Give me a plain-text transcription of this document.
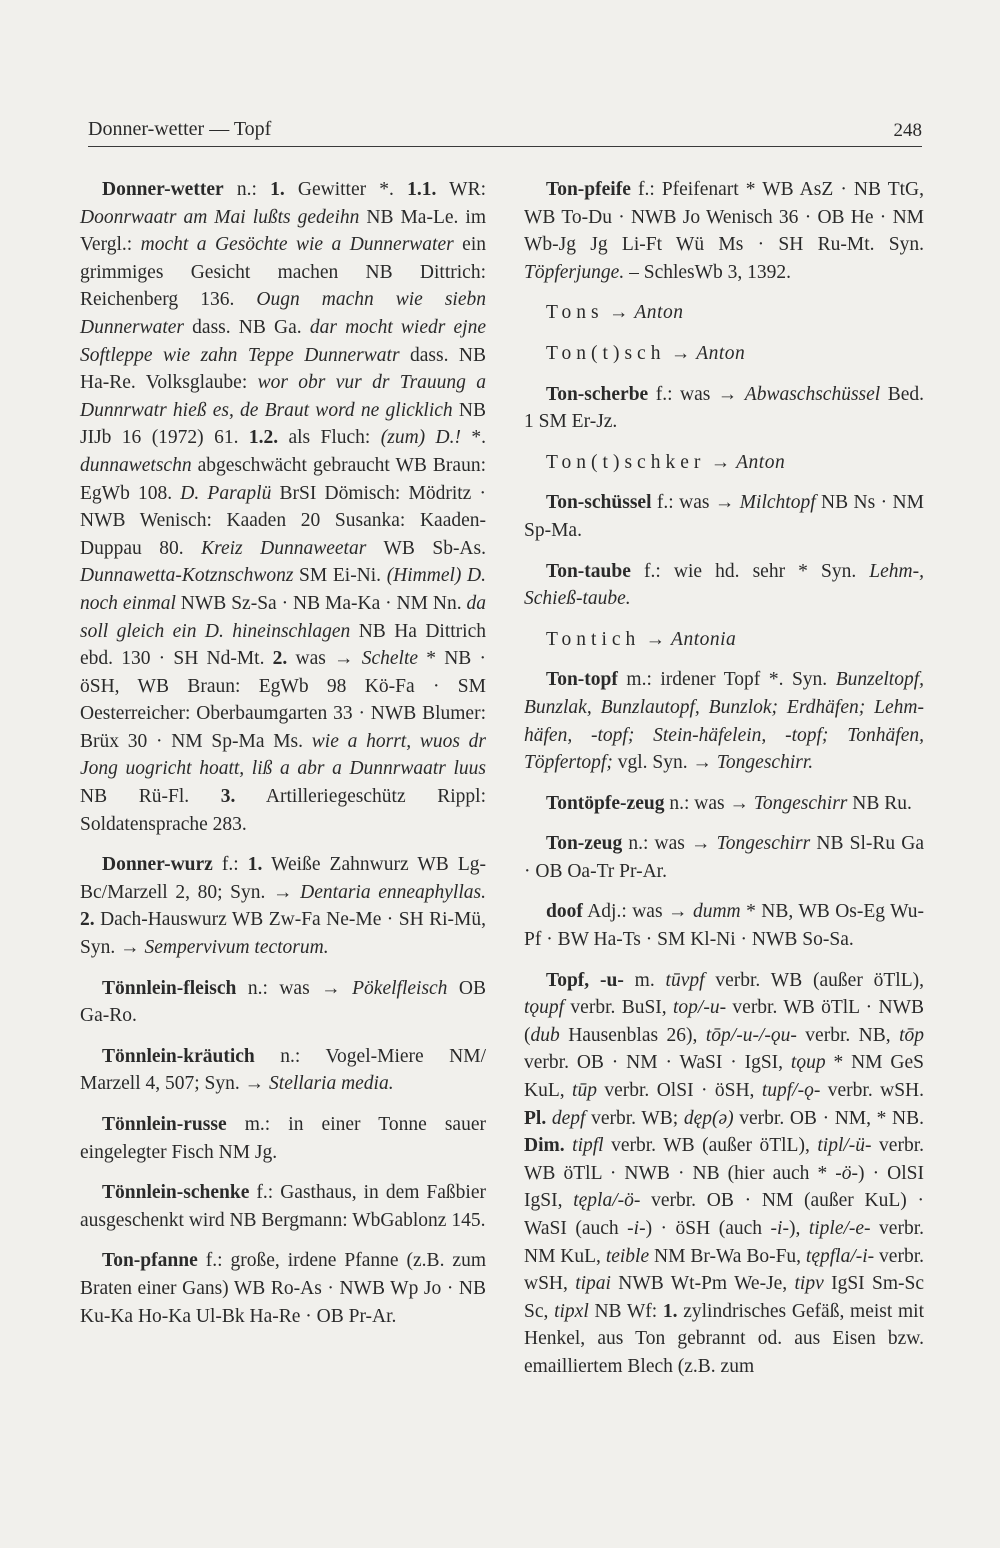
Donner-wetter — Topf	248

Donner-wetter n.: 1. Gewitter *. 1.1. WR: Doonrwaatr am Mai lußts gedeihn NB Ma-Le. im Vergl.: mocht a Gesöchte wie a Dunnerwater ein grimmiges Gesicht machen NB Dittrich: Reichenberg 136. Ougn machn wie siebn Dunnerwater dass. NB Ga. dar mocht wiedr ejne Softleppe wie zahn Teppe Dunnerwatr dass. NB Ha-Re. Volksglaube: wor obr vur dr Trauung a Dunnrwatr hieß es, de Braut word ne glicklich NB JIJb 16 (1972) 61. 1.2. als Fluch: (zum) D.! *. dunnawetschn abgeschwächt gebraucht WB Braun: EgWb 108. D. Paraplü BrSI Dömisch: Mödritz · NWB Wenisch: Kaaden 20 Susanka: Kaaden-Duppau 80. Kreiz Dunnaweetar WB Sb-As. Dunnawetta-Kotznschwonz SM Ei-Ni. (Himmel) D. noch einmal NWB Sz-Sa · NB Ma-Ka · NM Nn. da soll gleich ein D. hineinschlagen NB Ha Dittrich ebd. 130 · SH Nd-Mt. 2. was → Schelte * NB · öSH, WB Braun: EgWb 98 Kö-Fa · SM Oesterreicher: Oberbaumgarten 33 · NWB Blumer: Brüx 30 · NM Sp-Ma Ms. wie a horrt, wuos dr Jong uogricht hoatt, liß a abr a Dunnrwaatr luus NB Rü-Fl. 3. Artilleriegeschütz Rippl: Soldatensprache 283.

Donner-wurz f.: 1. Weiße Zahnwurz WB Lg-Bc/Marzell 2, 80; Syn. → Dentaria enneaphyllas. 2. Dach-Hauswurz WB Zw-Fa Ne-Me · SH Ri-Mü, Syn. → Sempervivum tectorum.

Tönnlein-fleisch n.: was → Pökelfleisch OB Ga-Ro.

Tönnlein-kräutich n.: Vogel-Miere NM/ Marzell 4, 507; Syn. → Stellaria media.

Tönnlein-russe m.: in einer Tonne sauer eingelegter Fisch NM Jg.

Tönnlein-schenke f.: Gasthaus, in dem Faßbier ausgeschenkt wird NB Bergmann: WbGablonz 145.

Ton-pfanne f.: große, irdene Pfanne (z.B. zum Braten einer Gans) WB Ro-As · NWB Wp Jo · NB Ku-Ka Ho-Ka Ul-Bk Ha-Re · OB Pr-Ar.

Ton-pfeife f.: Pfeifenart * WB AsZ · NB TtG, WB To-Du · NWB Jo Wenisch 36 · OB He · NM Wb-Jg Jg Li-Ft Wü Ms · SH Ru-Mt. Syn. Töpferjunge. – SchlesWb 3, 1392.

Tons → Anton

Ton(t)sch → Anton

Ton-scherbe f.: was → Abwaschschüssel Bed. 1 SM Er-Jz.

Ton(t)schker → Anton

Ton-schüssel f.: was → Milchtopf NB Ns · NM Sp-Ma.

Ton-taube f.: wie hd. sehr * Syn. Lehm-, Schieß-taube.

Tontich → Antonia

Ton-topf m.: irdener Topf *. Syn. Bunzeltopf, Bunzlak, Bunzlautopf, Bunzlok; Erdhäfen; Lehm-häfen, -topf; Stein-häfelein, -topf; Tonhäfen, Töpfertopf; vgl. Syn. → Tongeschirr.

Tontöpfe-zeug n.: was → Tongeschirr NB Ru.

Ton-zeug n.: was → Tongeschirr NB Sl-Ru Ga · OB Oa-Tr Pr-Ar.

doof Adj.: was → dumm * NB, WB Os-Eg Wu-Pf · BW Ha-Ts · SM Kl-Ni · NWB So-Sa.

Topf, -u- m. tūvpf verbr. WB (außer öTlL), tǫupf verbr. BuSI, top/-u- verbr. WB öTlL · NWB (dub Hausenblas 26), tōp/-u-/-ǫu- verbr. NB, tōp verbr. OB · NM · WaSI · IgSI, tǫup * NM GeS KuL, tūp verbr. OlSI · öSH, tupf/-ǫ- verbr. wSH. Pl. depf verbr. WB; dęp(ə) verbr. OB · NM, * NB. Dim. tipfl verbr. WB (außer öTlL), tipl/-ü- verbr. WB öTlL · NWB · NB (hier auch * -ö-) · OlSI IgSI, tępla/-ö- verbr. OB · NM (außer KuL) · WaSI (auch -i-) · öSH (auch -i-), tiple/-e- verbr. NM KuL, teible NM Br-Wa Bo-Fu, tępfla/-i- verbr. wSH, tipai NWB Wt-Pm We-Je, tipv IgSI Sm-Sc Sc, tipxl NB Wf: 1. zylindrisches Gefäß, meist mit Henkel, aus Ton gebrannt od. aus Eisen bzw. emailliertem Blech (z.B. zum
